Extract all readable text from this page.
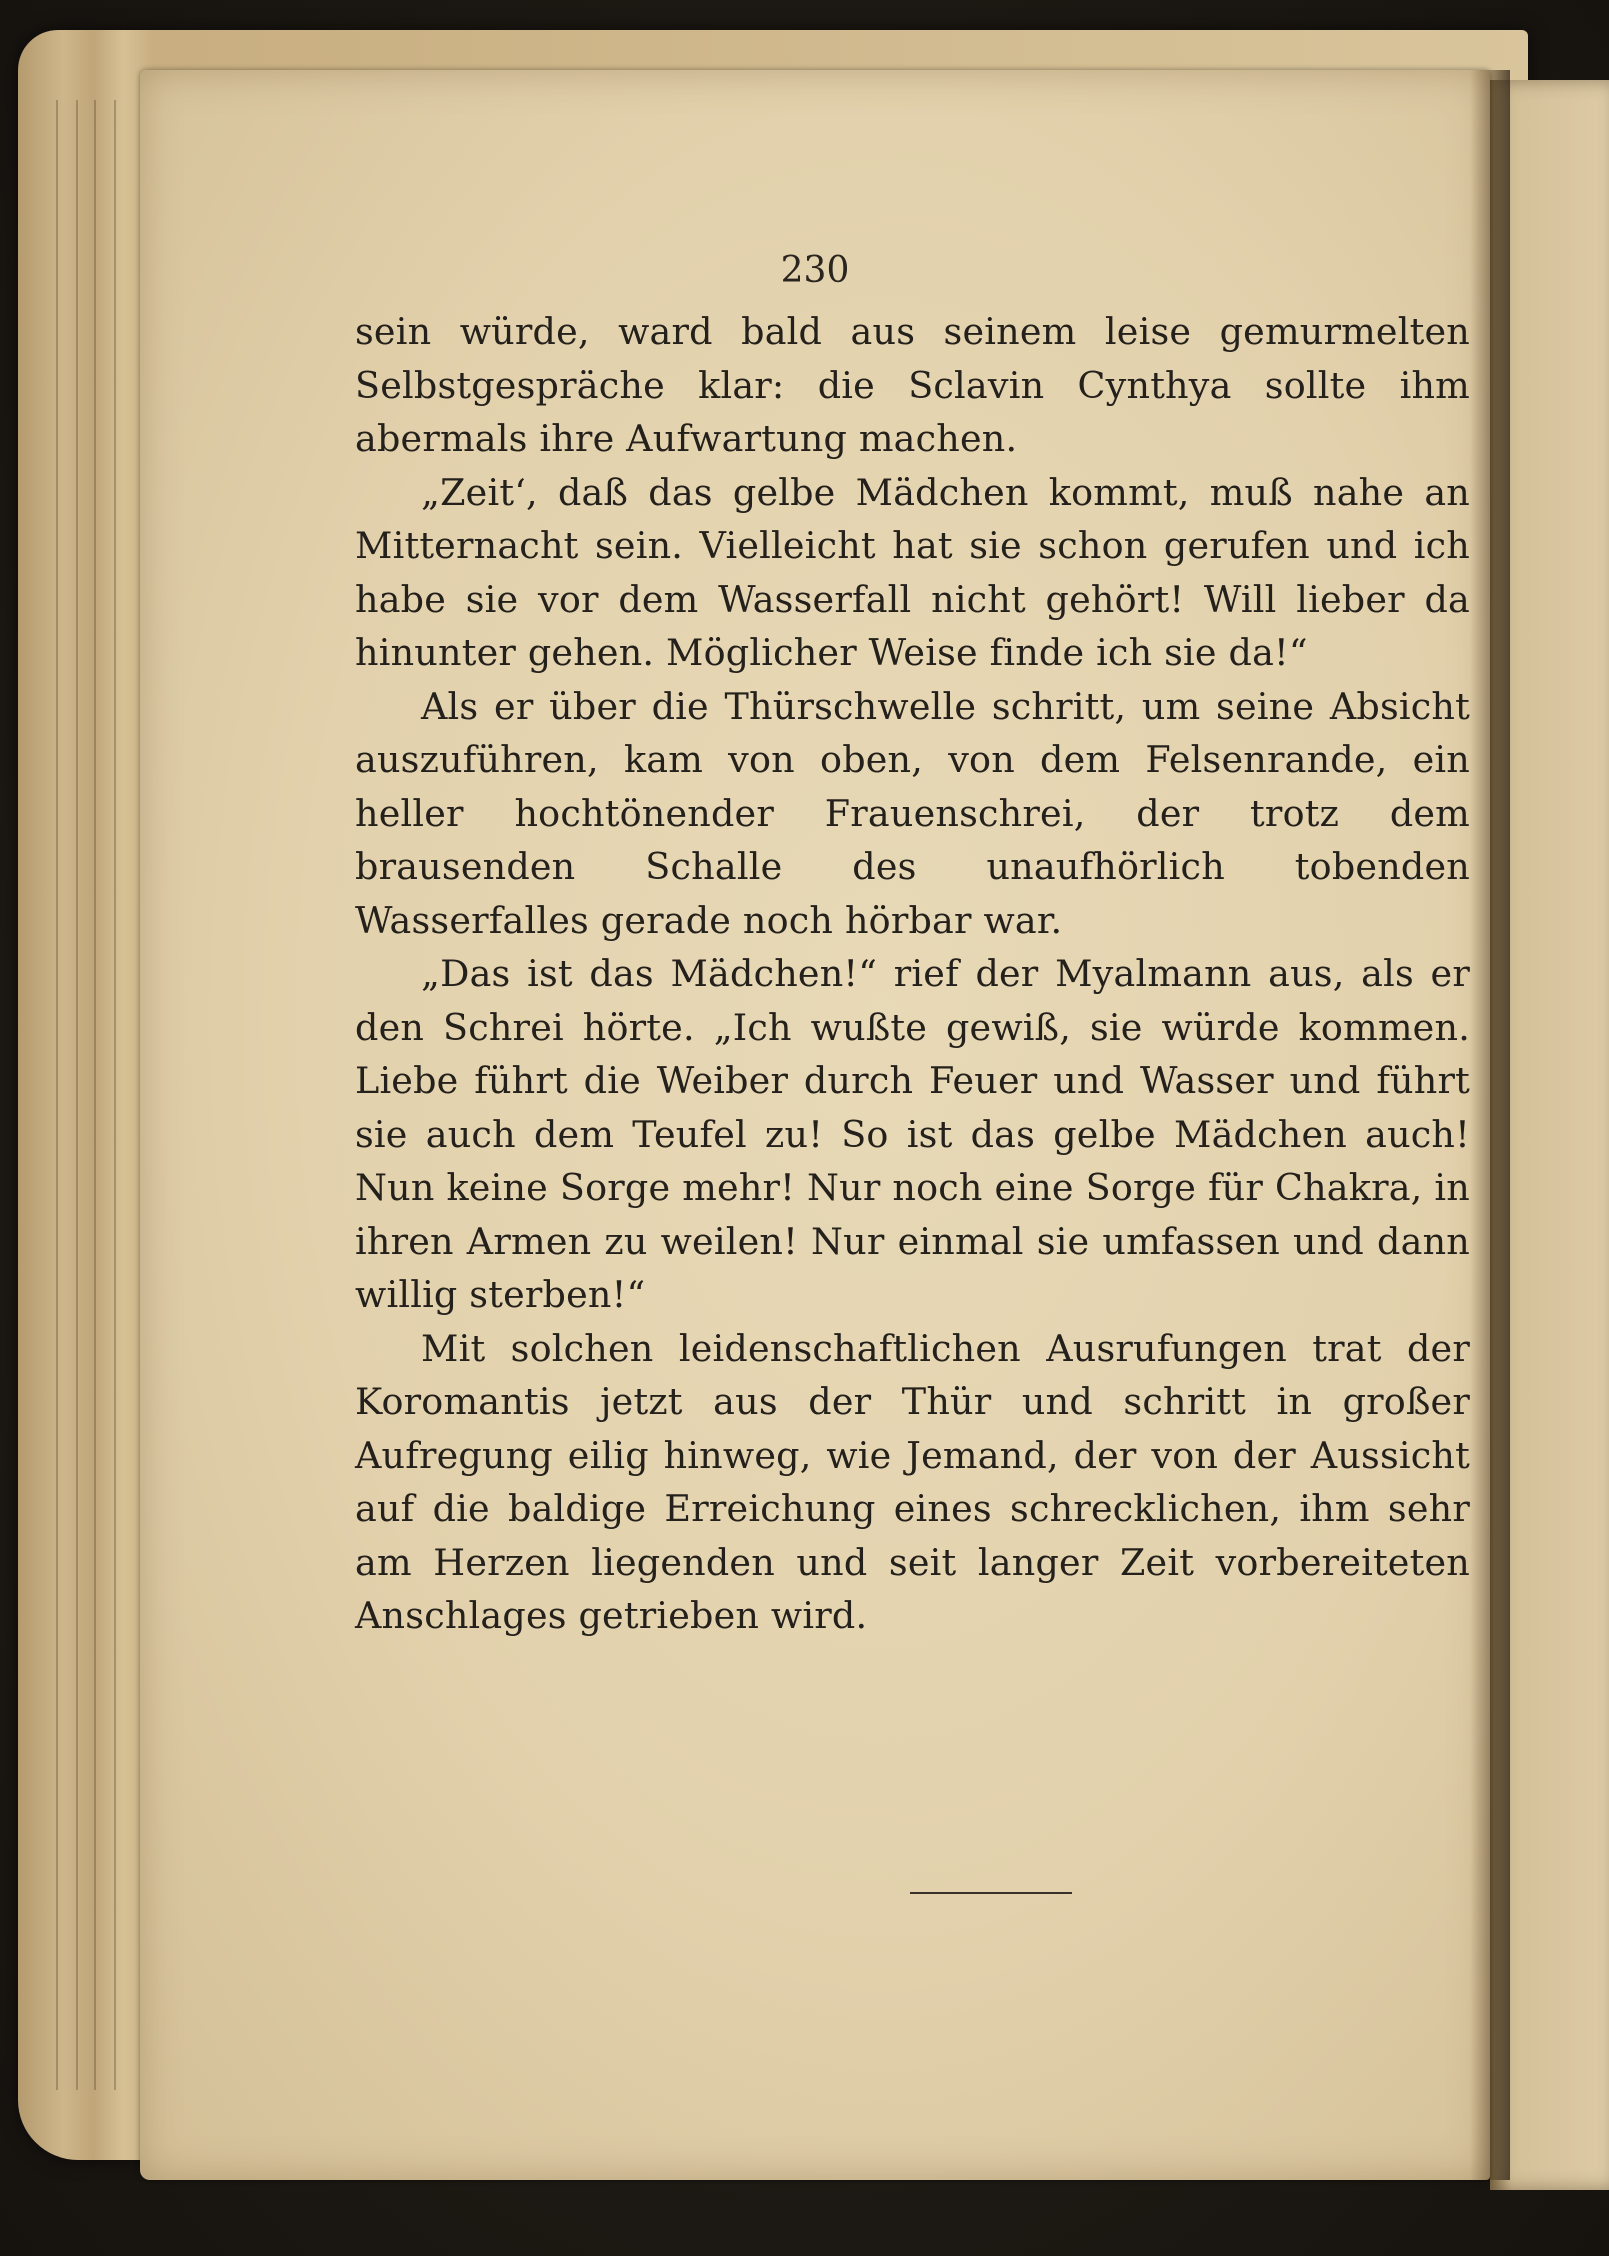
230

sein würde, ward bald aus seinem leise gemurmelten Selbstgespräche klar: die Sclavin Cynthya sollte ihm abermals ihre Aufwartung machen.

„Zeit‘, daß das gelbe Mädchen kommt, muß nahe an Mitternacht sein. Vielleicht hat sie schon gerufen und ich habe sie vor dem Wasserfall nicht gehört! Will lieber da hinunter gehen. Möglicher Weise finde ich sie da!“

Als er über die Thürschwelle schritt, um seine Absicht auszuführen, kam von oben, von dem Felsenrande, ein heller hochtönender Frauenschrei, der trotz dem brausenden Schalle des unaufhörlich tobenden Wasserfalles gerade noch hörbar war.

„Das ist das Mädchen!“ rief der Myalmann aus, als er den Schrei hörte. „Ich wußte gewiß, sie würde kommen. Liebe führt die Weiber durch Feuer und Wasser und führt sie auch dem Teufel zu! So ist das gelbe Mädchen auch! Nun keine Sorge mehr! Nur noch eine Sorge für Chakra, in ihren Armen zu weilen! Nur einmal sie umfassen und dann willig sterben!“

Mit solchen leidenschaftlichen Ausrufungen trat der Koromantis jetzt aus der Thür und schritt in großer Aufregung eilig hinweg, wie Jemand, der von der Aussicht auf die baldige Erreichung eines schrecklichen, ihm sehr am Herzen liegenden und seit langer Zeit vorbereiteten Anschlages getrieben wird.
